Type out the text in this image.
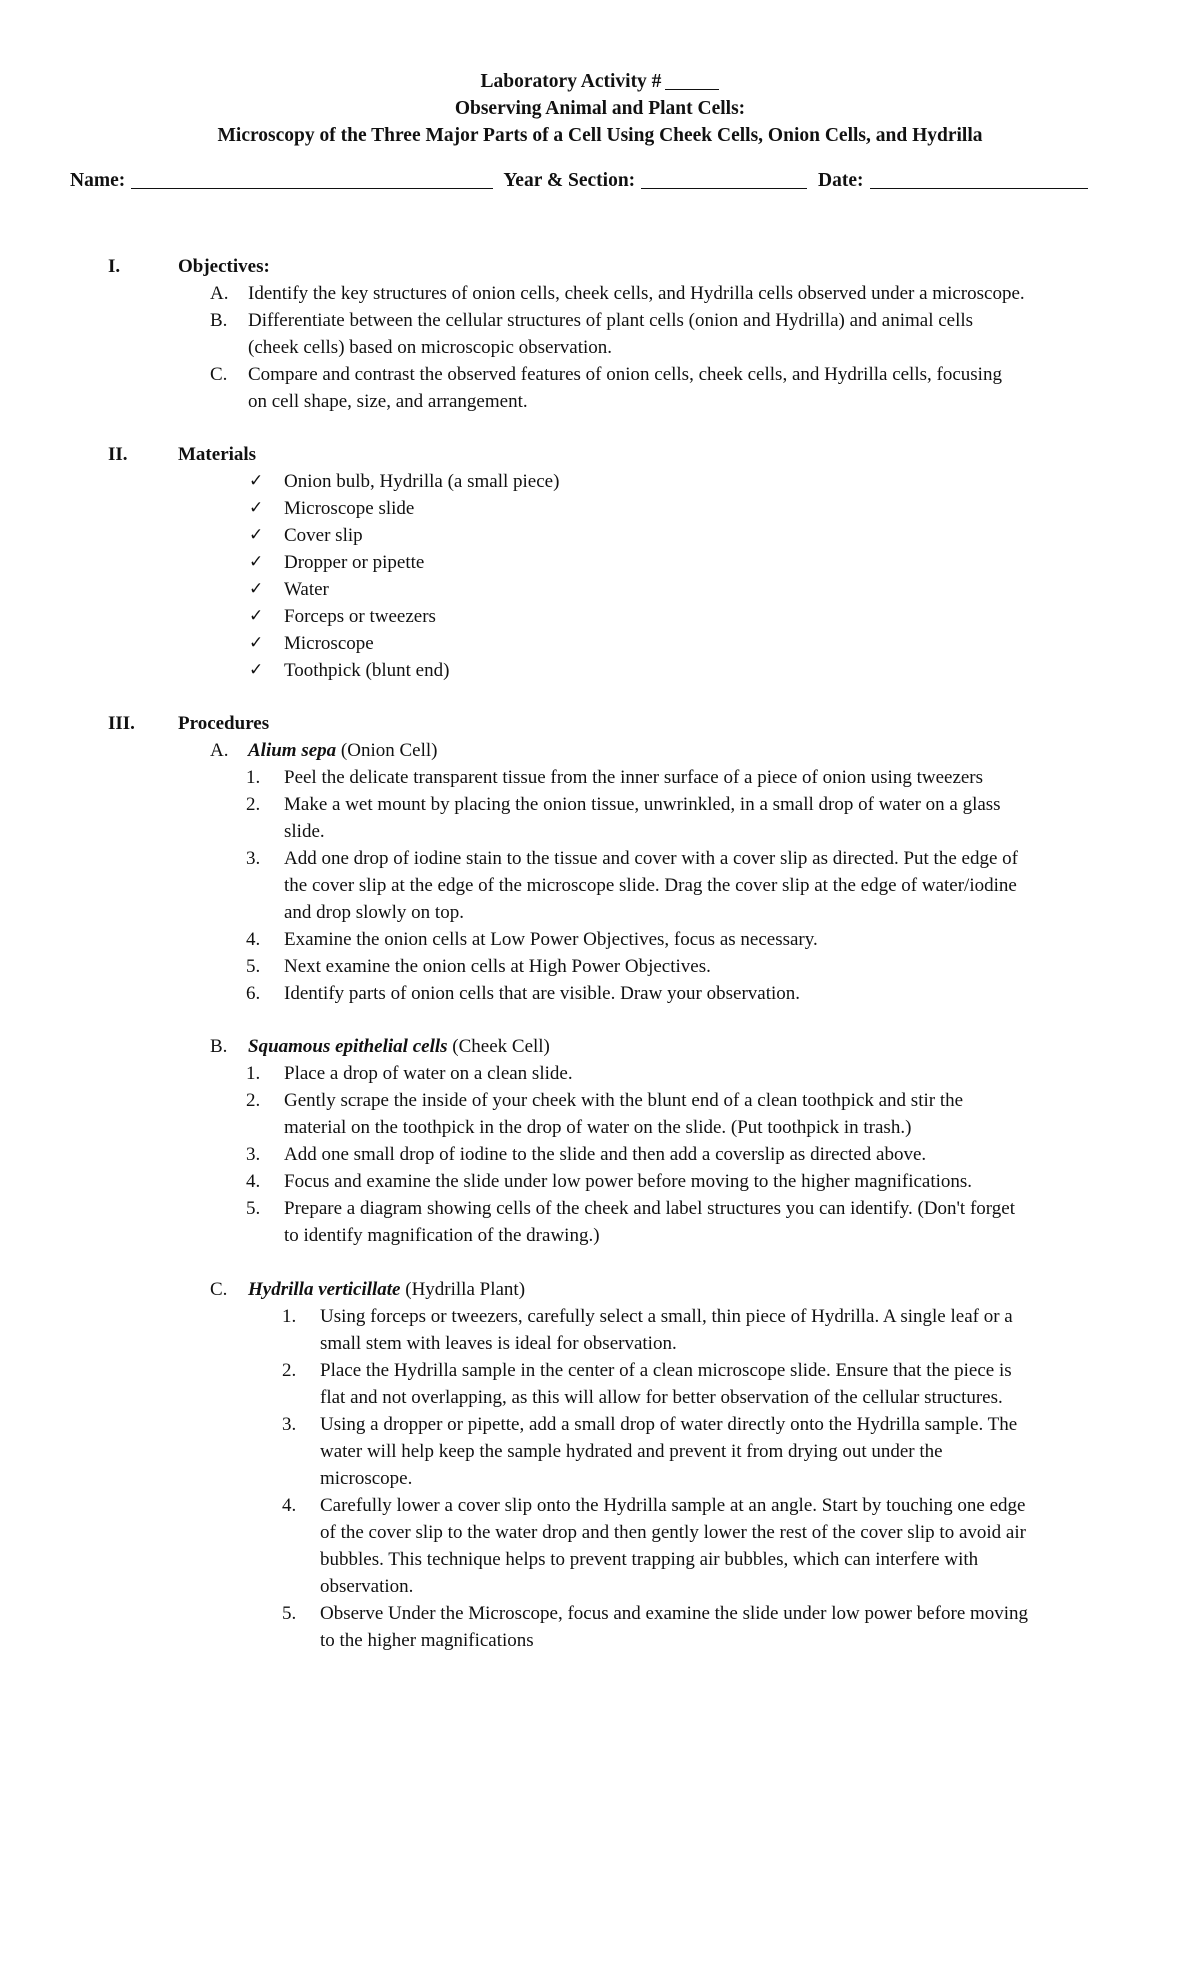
Laboratory Activity #
Observing Animal and Plant Cells:
Microscopy of the Three Major Parts of a Cell Using Cheek Cells, Onion Cells, and Hydrilla
Name:	Year & Section:	Date:
I.	Objectives:
A. Identify the key structures of onion cells, cheek cells, and Hydrilla cells observed under a microscope.
B.	Differentiate between the cellular structures of plant cells (onion and Hydrilla) and animal cells
(cheek cells) based on microscopic observation.
C.	Compare and contrast the observed features of onion cells, cheek cells, and Hydrilla cells, focusing
on cell shape, size, and arrangement.
II.	Materials
✓	Onion bulb, Hydrilla (a small piece)
✓	Microscope slide
✓	Cover slip
✓	Dropper or pipette
✓	Water
✓	Forceps or tweezers
✓	Microscope
✓	Toothpick (blunt end)
III. Procedures
A. Alium sepa (Onion Cell)
1.	Peel the delicate transparent tissue from the inner surface of a piece of onion using tweezers
2.	Make a wet mount by placing the onion tissue, unwrinkled, in a small drop of water on a glass
slide.
3.	Add one drop of iodine stain to the tissue and cover with a cover slip as directed. Put the edge of
the cover slip at the edge of the microscope slide. Drag the cover slip at the edge of water/iodine
and drop slowly on top.
4.	Examine the onion cells at Low Power Objectives, focus as necessary.
5.	Next examine the onion cells at High Power Objectives.
6.	Identify parts of onion cells that are visible. Draw your observation.
B.	Squamous epithelial cells (Cheek Cell)
1.	Place a drop of water on a clean slide.
2.	Gently scrape the inside of your cheek with the blunt end of a clean toothpick and stir the
material on the toothpick in the drop of water on the slide. (Put toothpick in trash.)
3.	Add one small drop of iodine to the slide and then add a coverslip as directed above.
4.	Focus and examine the slide under low power before moving to the higher magnifications.
5.	Prepare a diagram showing cells of the cheek and label structures you can identify. (Don't forget
to identify magnification of the drawing.)
C.	Hydrilla verticillate (Hydrilla Plant)
1.	Using forceps or tweezers, carefully select a small, thin piece of Hydrilla. A single leaf or a
small stem with leaves is ideal for observation.
2.	Place the Hydrilla sample in the center of a clean microscope slide. Ensure that the piece is
flat and not overlapping, as this will allow for better observation of the cellular structures.
3.	Using a dropper or pipette, add a small drop of water directly onto the Hydrilla sample. The
water will help keep the sample hydrated and prevent it from drying out under the
microscope.
4.	Carefully lower a cover slip onto the Hydrilla sample at an angle. Start by touching one edge
of the cover slip to the water drop and then gently lower the rest of the cover slip to avoid air
bubbles. This technique helps to prevent trapping air bubbles, which can interfere with
observation.
5.	Observe Under the Microscope, focus and examine the slide under low power before moving
to the higher magnifications
